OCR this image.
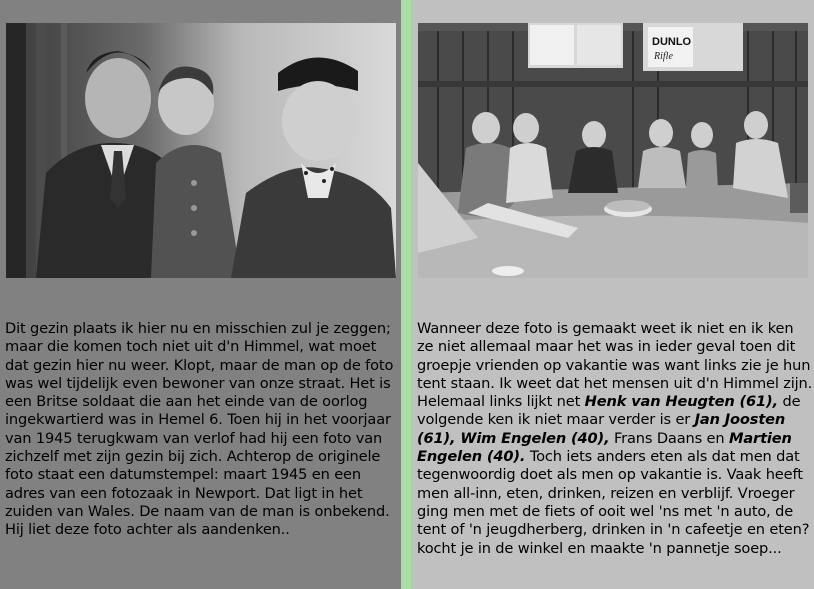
Dit gezin plaats ik hier nu en misschien zul je zeggen; maar die komen toch niet uit d'n Himmel, wat moet dat gezin hier nu weer. Klopt, maar de man op de foto was wel tijdelijk even bewoner van onze straat. Het is een Britse soldaat die aan het einde van de oorlog ingekwartierd was in Hemel 6. Toen hij in het voorjaar van 1945 terugkwam van verlof had hij een foto van zichzelf met zijn gezin bij zich. Achterop de originele foto staat een datumstempel: maart 1945 en een adres van een fotozaak in Newport. Dat ligt in het zuiden van Wales. De naam van de man is onbekend. Hij liet deze foto achter als aandenken..

DUNLO
Rifle

Wanneer deze foto is gemaakt weet ik niet en ik ken ze niet allemaal maar het was in ieder geval toen dit groepje vrienden op vakantie was want links zie je hun tent staan. Ik weet dat het mensen uit d'n Himmel zijn. Helemaal links lijkt net Henk van Heugten (61), de volgende ken ik niet maar verder is er Jan Joosten (61), Wim Engelen (40), Frans Daans en Martien Engelen (40). Toch iets anders eten als dat men dat tegenwoordig doet als men op vakantie is. Vaak heeft men all-inn, eten, drinken, reizen en verblijf. Vroeger ging men met de fiets of ooit wel 'ns met 'n auto, de tent of 'n jeugdherberg, drinken in 'n cafeetje en eten? kocht je in de winkel en maakte 'n pannetje soep...
